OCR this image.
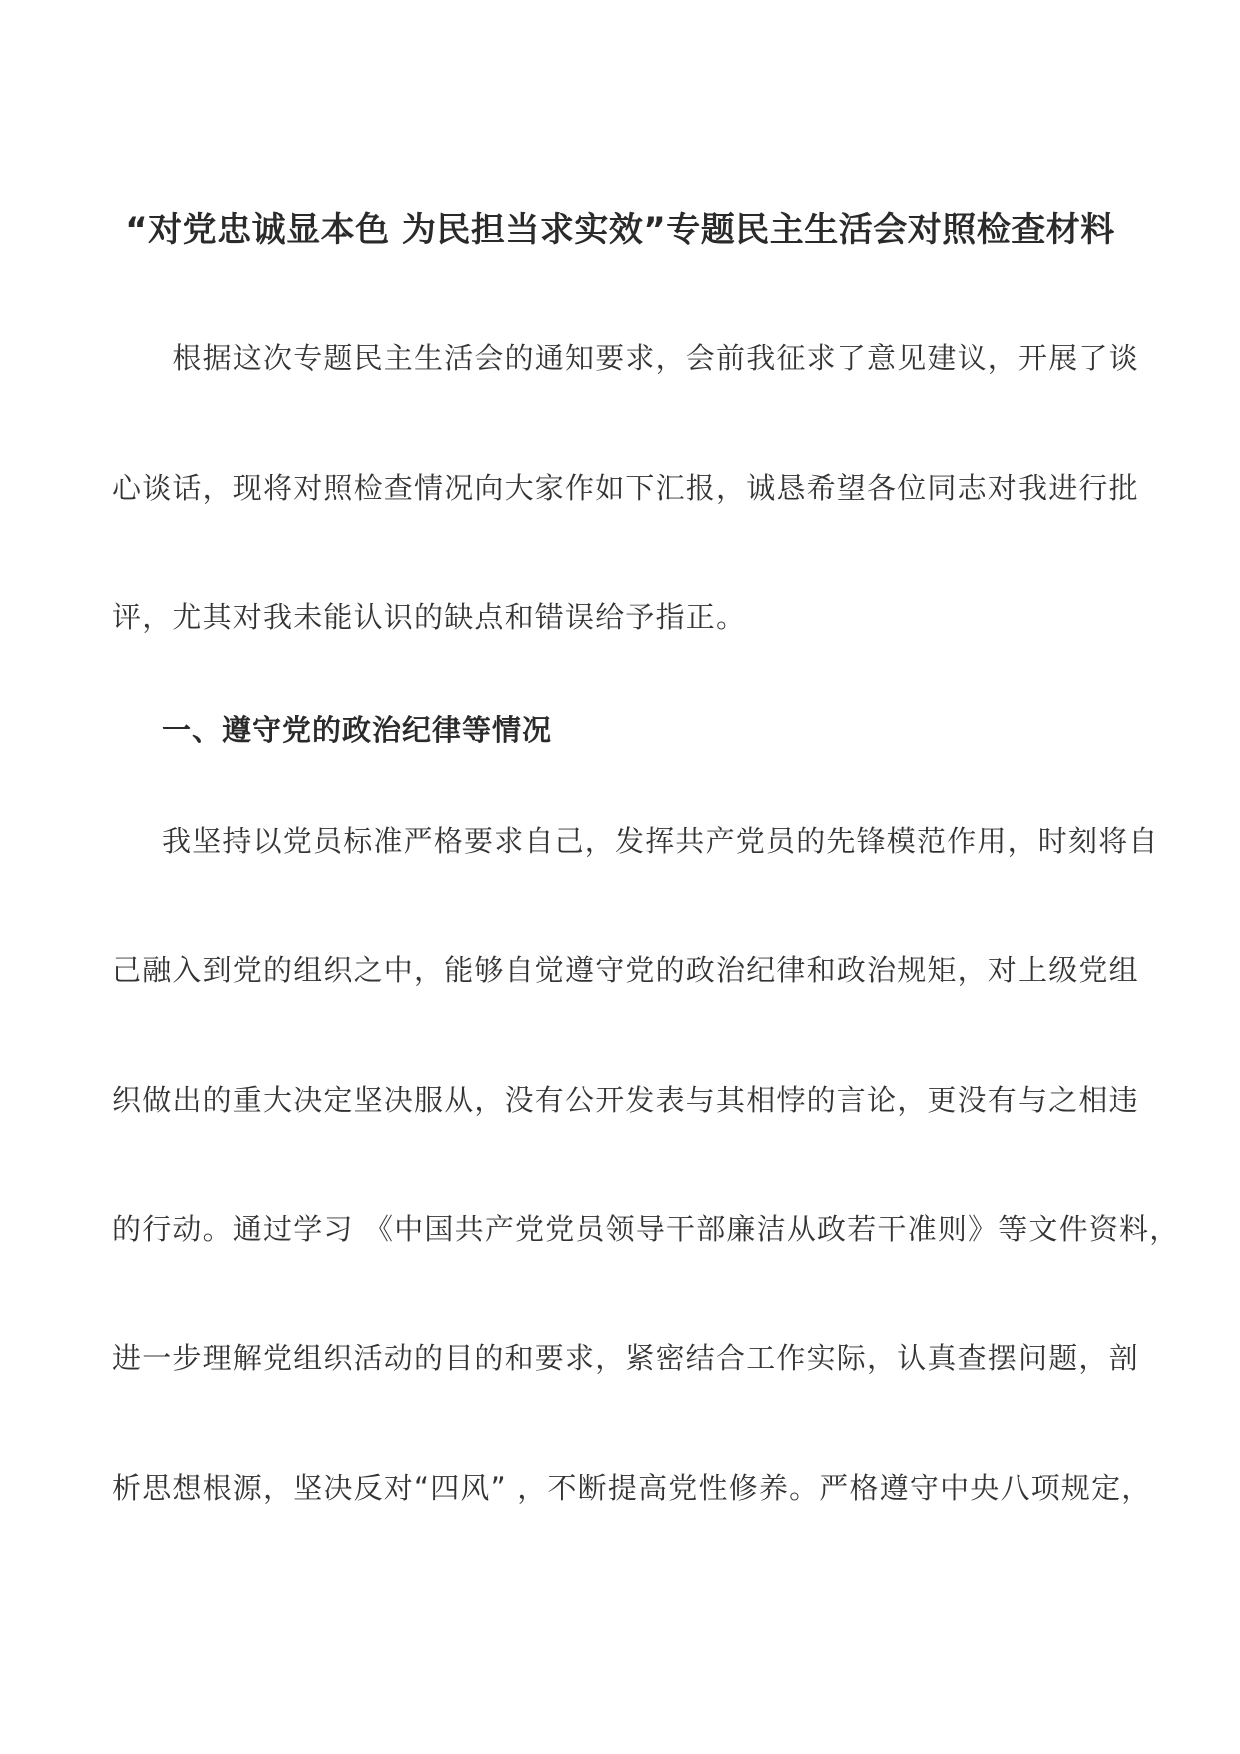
“对党忠诚显本色 为民担当求实效”专题民主生活会对照检查材料
　　根据这次专题民主生活会的通知要求，会前我征求了意见建议，开展了谈
心谈话，现将对照检查情况向大家作如下汇报，诚恳希望各位同志对我进行批
评，尤其对我未能认识的缺点和错误给予指正。
一、遵守党的政治纪律等情况
我坚持以党员标准严格要求自己，发挥共产党员的先锋模范作用，时刻将自
己融入到党的组织之中，能够自觉遵守党的政治纪律和政治规矩，对上级党组
织做出的重大决定坚决服从，没有公开发表与其相悖的言论，更没有与之相违
的行动。通过学习 《中国共产党党员领导干部廉洁从政若干准则》等文件资料，
进一步理解党组织活动的目的和要求，紧密结合工作实际，认真查摆问题，剖
析思想根源，坚决反对“四风” ，不断提高党性修养。严格遵守中央八项规定，
